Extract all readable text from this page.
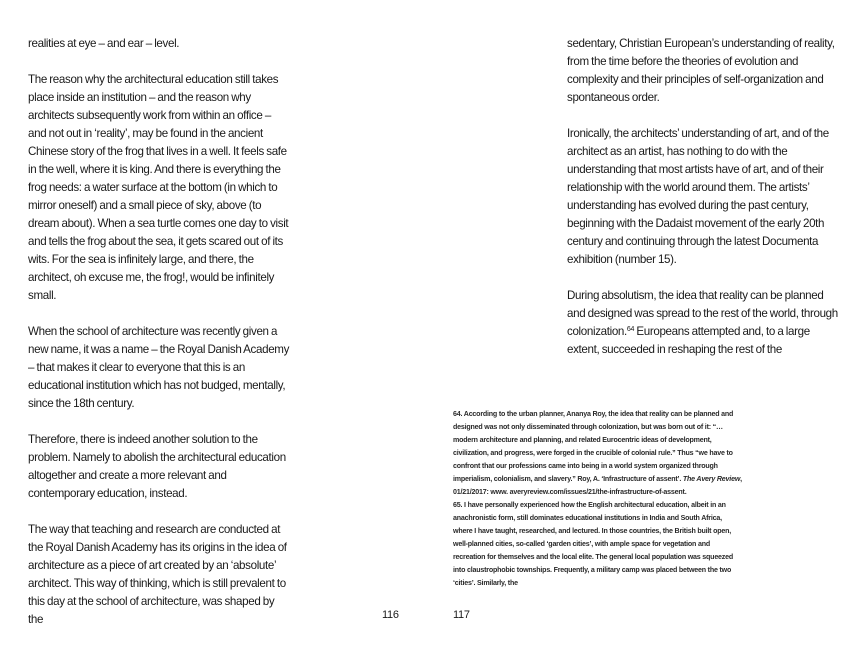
realities at eye – and ear – level.

The reason why the architectural education still takes place inside an institution – and the reason why architects subsequently work from within an office – and not out in ‘reality’, may be found in the ancient Chinese story of the frog that lives in a well. It feels safe in the well, where it is king. And there is everything the frog needs: a water surface at the bottom (in which to mirror oneself) and a small piece of sky, above (to dream about). When a sea turtle comes one day to visit and tells the frog about the sea, it gets scared out of its wits. For the sea is infinitely large, and there, the architect, oh excuse me, the frog!, would be infinitely small.

When the school of architecture was recently given a new name, it was a name – the Royal Danish Academy – that makes it clear to everyone that this is an educational institution which has not budged, mentally, since the 18th century.

Therefore, there is indeed another solution to the problem. Namely to abolish the architectural education altogether and create a more relevant and contemporary education, instead.

The way that teaching and research are conducted at the Royal Danish Academy has its origins in the idea of architecture as a piece of art created by an ‘absolute’ architect. This way of thinking, which is still prevalent to this day at the school of architecture, was shaped by the	116

sedentary, Christian European’s understanding of reality, from the time before the theories of evolution and complexity and their principles of self-organization and spontaneous order.

Ironically, the architects’ understanding of art, and of the architect as an artist, has nothing to do with the understanding that most artists have of art, and of their relationship with the world around them. The artists’ understanding has evolved during the past century, beginning with the Dadaist movement of the early 20th century and continuing through the latest Documenta exhibition (number 15).

During absolutism, the idea that reality can be planned and designed was spread to the rest of the world, through colonization.$^{64}$ Europeans attempted and, to a large extent, succeeded in reshaping the rest of the

64. According to the urban planner, Ananya Roy, the idea that reality can be planned and designed was not only disseminated through colonization, but was born out of it: “… modern architecture and planning, and related Eurocentric ideas of development, civilization, and progress, were forged in the crucible of colonial rule.” Thus “we have to confront that our professions came into being in a world system organized through imperialism, colonialism, and slavery.” Roy, A. ‘Infrastructure of assent’. The Avery Review, 01/21/2017: www. averyreview.com/issues/21/the-infrastructure-of-assent.

65. I have personally experienced how the English architectural education, albeit in an anachronistic form, still dominates educational institutions in India and South Africa, where I have taught, researched, and lectured. In those countries, the British built open, well-planned cities, so-called ‘garden cities’, with ample space for vegetation and recreation for themselves and the local elite. The general local population was squeezed into claustrophobic townships. Frequently, a military camp was placed between the two ‘cities’. Similarly, the

117
